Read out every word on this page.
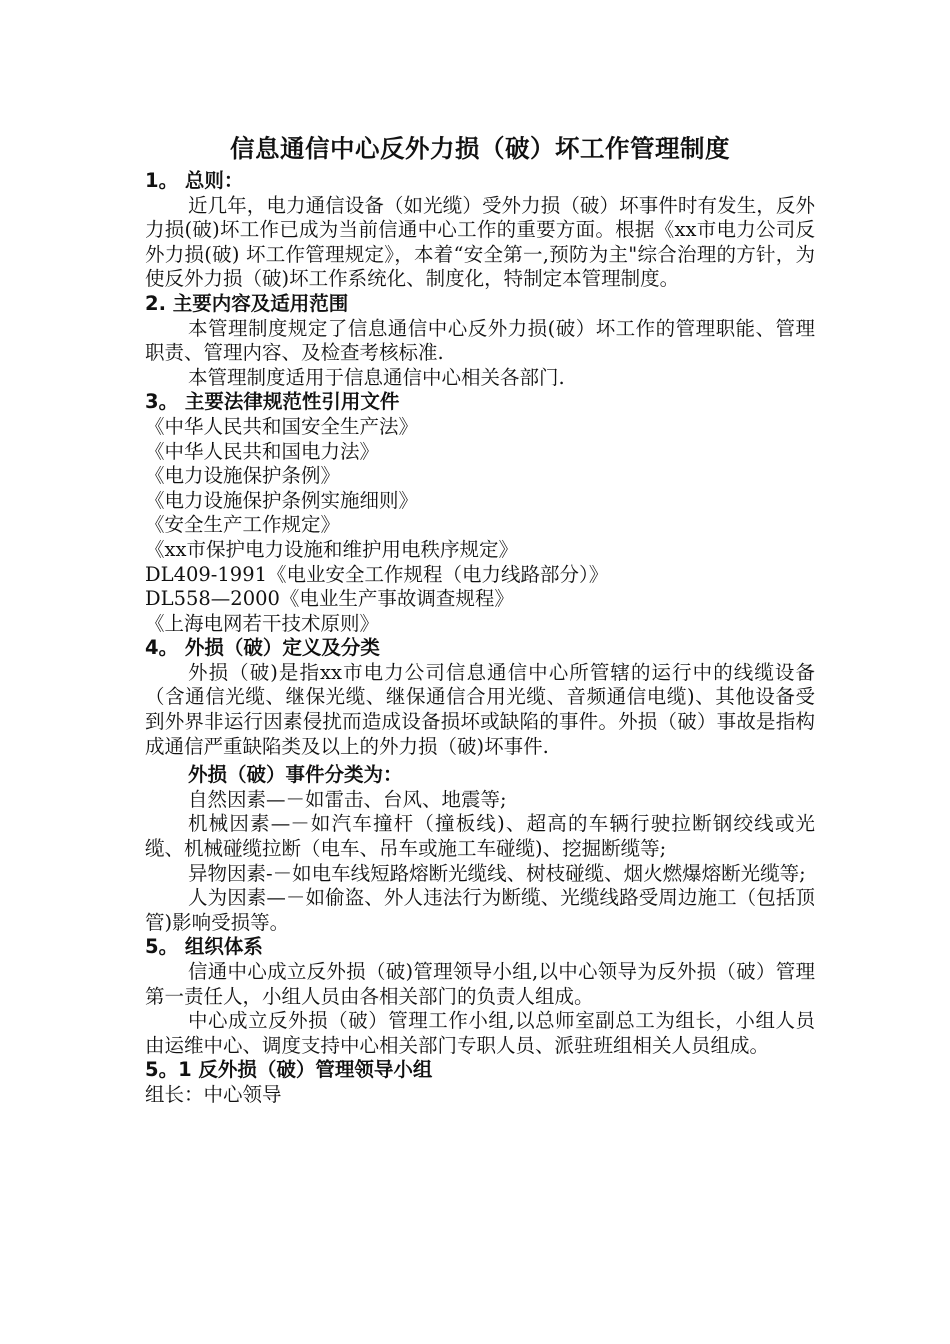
信息通信中心反外力损（破）坏工作管理制度
1。 总则：

近几年，电力通信设备（如光缆）受外力损（破）坏事件时有发生，反外力损(破)坏工作已成为当前信通中心工作的重要方面。根据《xx市电力公司反外力损(破) 坏工作管理规定》，本着“安全第一,预防为主"综合治理的方针，为使反外力损（破)坏工作系统化、制度化，特制定本管理制度。

2. 主要内容及适用范围

本管理制度规定了信息通信中心反外力损(破）坏工作的管理职能、管理职责、管理内容、及检查考核标准.

本管理制度适用于信息通信中心相关各部门.

3。 主要法律规范性引用文件

《中华人民共和国安全生产法》

《中华人民共和国电力法》

《电力设施保护条例》

《电力设施保护条例实施细则》

《安全生产工作规定》

《xx市保护电力设施和维护用电秩序规定》

DL409-1991《电业安全工作规程（电力线路部分）》

DL558—2000《电业生产事故调查规程》

《上海电网若干技术原则》

4。 外损（破）定义及分类

外损（破)是指xx市电力公司信息通信中心所管辖的运行中的线缆设备（含通信光缆、继保光缆、继保通信合用光缆、音频通信电缆)、其他设备受到外界非运行因素侵扰而造成设备损坏或缺陷的事件。外损（破）事故是指构成通信严重缺陷类及以上的外力损（破)坏事件.

外损（破）事件分类为：

自然因素—－如雷击、台风、地震等;

机械因素—－如汽车撞杆（撞板线)、超高的车辆行驶拉断钢绞线或光缆、机械碰缆拉断（电车、吊车或施工车碰缆)、挖掘断缆等;

异物因素-－如电车线短路熔断光缆线、树枝碰缆、烟火燃爆熔断光缆等;

人为因素—－如偷盗、外人违法行为断缆、光缆线路受周边施工（包括顶管)影响受损等。

5。 组织体系

信通中心成立反外损（破)管理领导小组,以中心领导为反外损（破）管理第一责任人，小组人员由各相关部门的负责人组成。

中心成立反外损（破）管理工作小组,以总师室副总工为组长，小组人员由运维中心、调度支持中心相关部门专职人员、派驻班组相关人员组成。

5。1 反外损（破）管理领导小组

组长：中心领导
